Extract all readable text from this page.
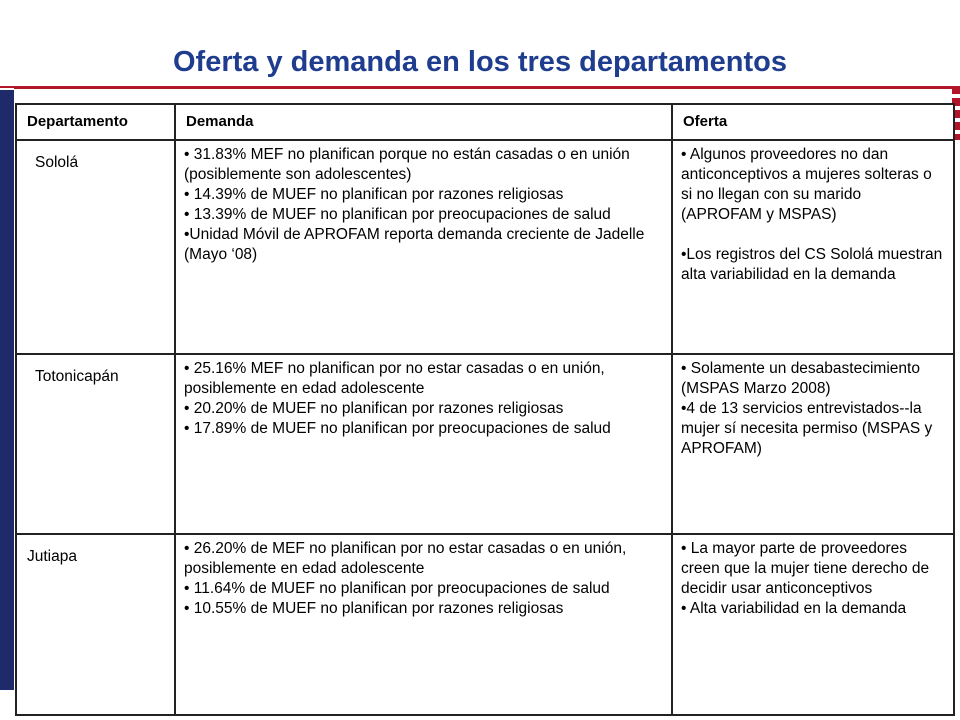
Oferta y demanda en los tres departamentos
Departamento	Demanda	Oferta
Sololá	• 31.83% MEF no planifican porque no están casadas o en unión (posiblemente son adolescentes)
• 14.39% de MUEF no planifican por razones religiosas
• 13.39% de MUEF no planifican por preocupaciones de salud
•Unidad Móvil de APROFAM reporta demanda creciente de Jadelle (Mayo ‘08)	• Algunos proveedores no dan anticonceptivos a mujeres solteras o si no llegan con su marido (APROFAM y MSPAS)
•Los registros del CS Sololá muestran alta variabilidad en la demanda

Totonicapán	• 25.16% MEF no planifican por no estar casadas o en unión, posiblemente en edad adolescente
• 20.20% de MUEF no planifican por razones religiosas
• 17.89% de MUEF no planifican por preocupaciones de salud	• Solamente un desabastecimiento (MSPAS Marzo 2008)
•4 de 13 servicios entrevistados--la mujer sí necesita permiso (MSPAS y APROFAM)

Jutiapa	• 26.20% de MEF no planifican por no estar casadas o en unión, posiblemente en edad adolescente
• 11.64% de MUEF no planifican por preocupaciones de salud
• 10.55% de MUEF no planifican por razones religiosas	• La mayor parte de proveedores creen que la mujer tiene derecho de decidir usar anticonceptivos
• Alta variabilidad en la demanda
